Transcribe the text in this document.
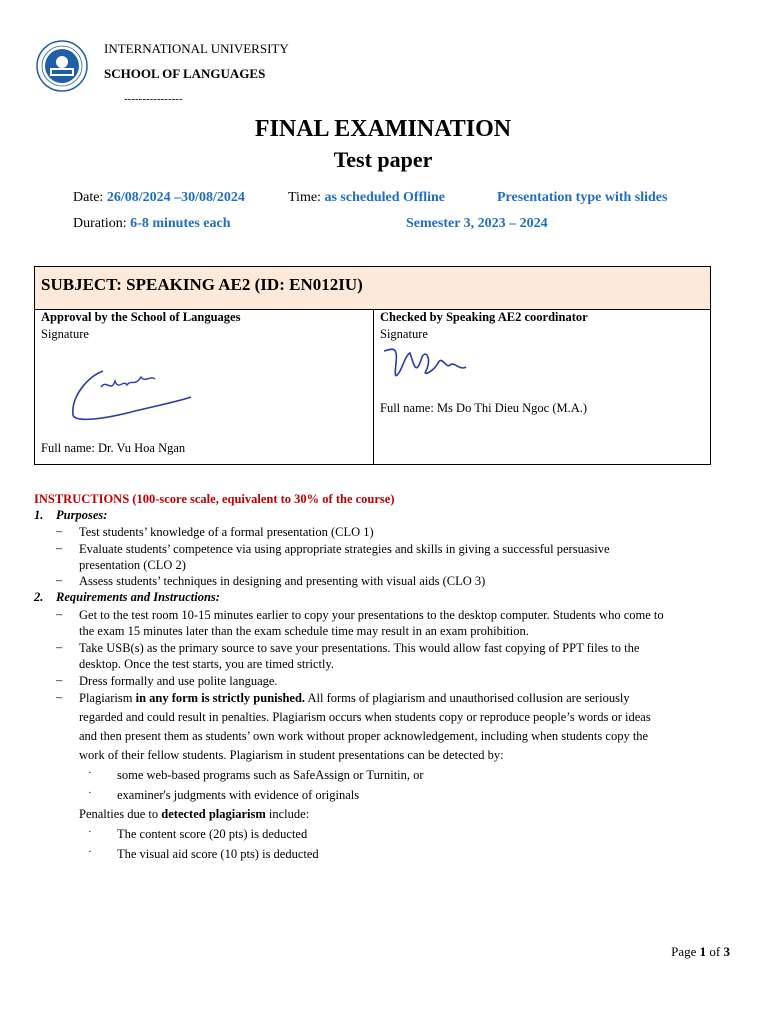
INTERNATIONAL UNIVERSITY
SCHOOL OF LANGUAGES
----------------
FINAL EXAMINATION
Test paper
Date: 26/08/2024 –30/08/2024	Time: as scheduled Offline	Presentation type with slides
Duration: 6-8 minutes each	Semester 3, 2023 – 2024
SUBJECT: SPEAKING AE2 (ID: EN012IU)
Approval by the School of Languages
Signature
Full name: Dr. Vu Hoa Ngan
Checked by Speaking AE2 coordinator
Signature
Full name: Ms Do Thi Dieu Ngoc (M.A.)
INSTRUCTIONS (100-score scale, equivalent to 30% of the course)
1. Purposes:
– Test students’ knowledge of a formal presentation (CLO 1)
– Evaluate students’ competence via using appropriate strategies and skills in giving a successful persuasive
presentation (CLO 2)
– Assess students’ techniques in designing and presenting with visual aids (CLO 3)
2. Requirements and Instructions:
– Get to the test room 10-15 minutes earlier to copy your presentations to the desktop computer. Students who come to
the exam 15 minutes later than the exam schedule time may result in an exam prohibition.
– Take USB(s) as the primary source to save your presentations. This would allow fast copying of PPT files to the
desktop. Once the test starts, you are timed strictly.
– Dress formally and use polite language.
– Plagiarism in any form is strictly punished. All forms of plagiarism and unauthorised collusion are seriously
regarded and could result in penalties. Plagiarism occurs when students copy or reproduce people’s words or ideas
and then present them as students’ own work without proper acknowledgement, including when students copy the
work of their fellow students. Plagiarism in student presentations can be detected by:
· some web-based programs such as SafeAssign or Turnitin, or
· examiner's judgments with evidence of originals
Penalties due to detected plagiarism include:
· The content score (20 pts) is deducted
· The visual aid score (10 pts) is deducted
Page 1 of 3
